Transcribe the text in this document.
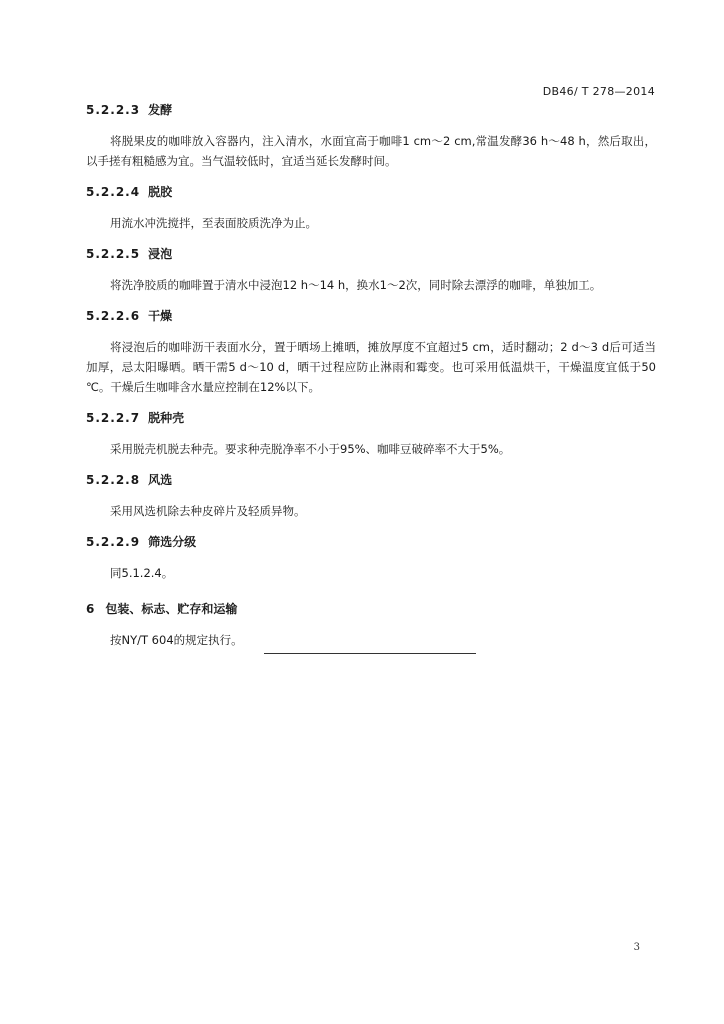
DB46/ T 278—2014
5.2.2.3 发酵

将脱果皮的咖啡放入容器内，注入清水，水面宜高于咖啡1 cm～2 cm,常温发酵36 h～48 h，然后取出，以手搓有粗糙感为宜。当气温较低时，宜适当延长发酵时间。

5.2.2.4 脱胶

用流水冲洗搅拌，至表面胶质洗净为止。

5.2.2.5 浸泡

将洗净胶质的咖啡置于清水中浸泡12 h～14 h，换水1～2次，同时除去漂浮的咖啡，单独加工。

5.2.2.6 干燥

将浸泡后的咖啡沥干表面水分，置于晒场上摊晒，摊放厚度不宜超过5 cm，适时翻动；2 d～3 d后可适当加厚，忌太阳曝晒。晒干需5 d～10 d，晒干过程应防止淋雨和霉变。也可采用低温烘干，干燥温度宜低于50 ℃。干燥后生咖啡含水量应控制在12%以下。

5.2.2.7 脱种壳

采用脱壳机脱去种壳。要求种壳脱净率不小于95%、咖啡豆破碎率不大于5%。

5.2.2.8 风选

采用风选机除去种皮碎片及轻质异物。

5.2.2.9 筛选分级

同5.1.2.4。

6 包装、标志、贮存和运输

按NY/T 604的规定执行。

3
